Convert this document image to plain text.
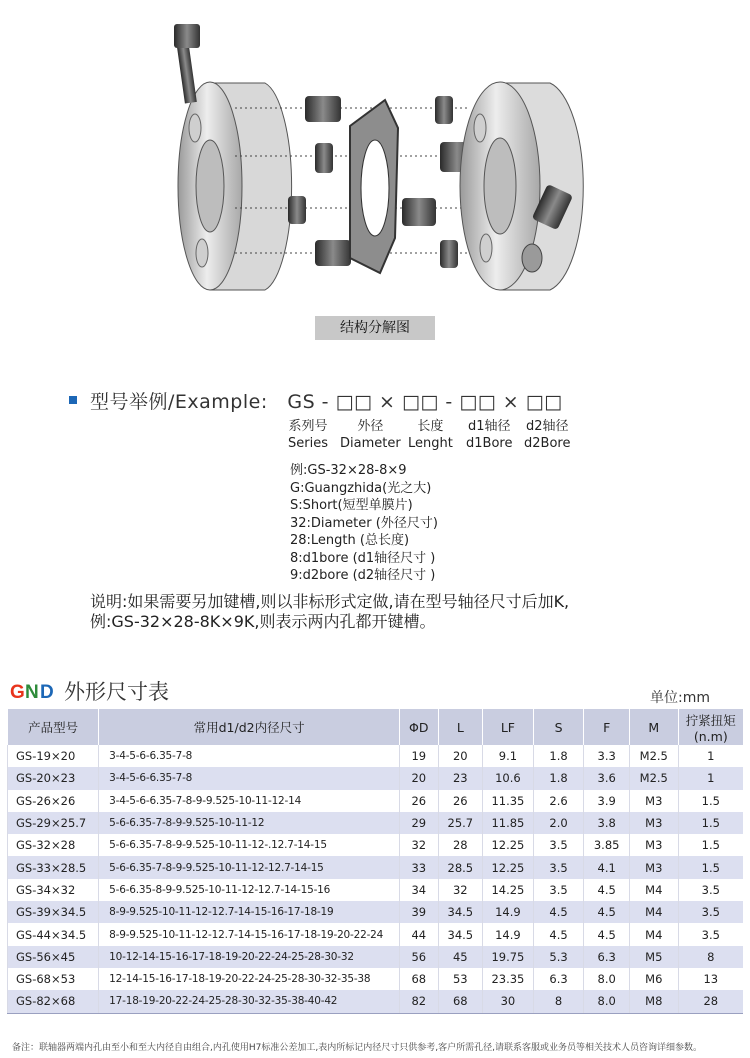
结构分解图
型号举例/Example: GS - □□ × □□ - □□ × □□
系列号
Series
外径
Diameter
长度
Lenght
d1轴径
d1Bore
d2轴径
d2Bore
例:GS-32×28-8×9
G:Guangzhida(光之大)
S:Short(短型单膜片)
32:Diameter (外径尺寸)
28:Length (总长度)
8:d1bore (d1轴径尺寸 )
9:d2bore (d2轴径尺寸 )
说明:如果需要另加键槽,则以非标形式定做,请在型号轴径尺寸后加K,
例:GS-32×28-8K×9K,则表示两内孔都开键槽。
G N D 外形尺寸表	单位:mm
产品型号	常用d1/d2内径尺寸	ΦD	L	LF	S	F	M	拧紧扭矩
(n.m)
GS-19×20	3-4-5-6-6.35-7-8	19	20	9.1	1.8	3.3	M2.5	1
GS-20×23	3-4-5-6-6.35-7-8	20	23	10.6	1.8	3.6	M2.5	1
GS-26×26	3-4-5-6-6.35-7-8-9-9.525-10-11-12-14	26	26	11.35	2.6	3.9	M3	1.5
GS-29×25.7	5-6-6.35-7-8-9-9.525-10-11-12	29	25.7	11.85	2.0	3.8	M3	1.5
GS-32×28	5-6-6.35-7-8-9-9.525-10-11-12-.12.7-14-15	32	28	12.25	3.5	3.85	M3	1.5
GS-33×28.5	5-6-6.35-7-8-9-9.525-10-11-12-12.7-14-15	33	28.5	12.25	3.5	4.1	M3	1.5
GS-34×32	5-6-6.35-8-9-9.525-10-11-12-12.7-14-15-16	34	32	14.25	3.5	4.5	M4	3.5
GS-39×34.5	8-9-9.525-10-11-12-12.7-14-15-16-17-18-19	39	34.5	14.9	4.5	4.5	M4	3.5
GS-44×34.5	8-9-9.525-10-11-12-12.7-14-15-16-17-18-19-20-22-24	44	34.5	14.9	4.5	4.5	M4	3.5
GS-56×45	10-12-14-15-16-17-18-19-20-22-24-25-28-30-32	56	45	19.75	5.3	6.3	M5	8
GS-68×53	12-14-15-16-17-18-19-20-22-24-25-28-30-32-35-38	68	53	23.35	6.3	8.0	M6	13
GS-82×68	17-18-19-20-22-24-25-28-30-32-35-38-40-42	82	68	30	8	8.0	M8	28
备注：联轴器两端内孔由至小和至大内径自由组合,内孔使用H7标准公差加工,表内所标记内径尺寸只供参考,客户所需孔径,请联系客服或业务员等相关技术人员咨询详细参数。
